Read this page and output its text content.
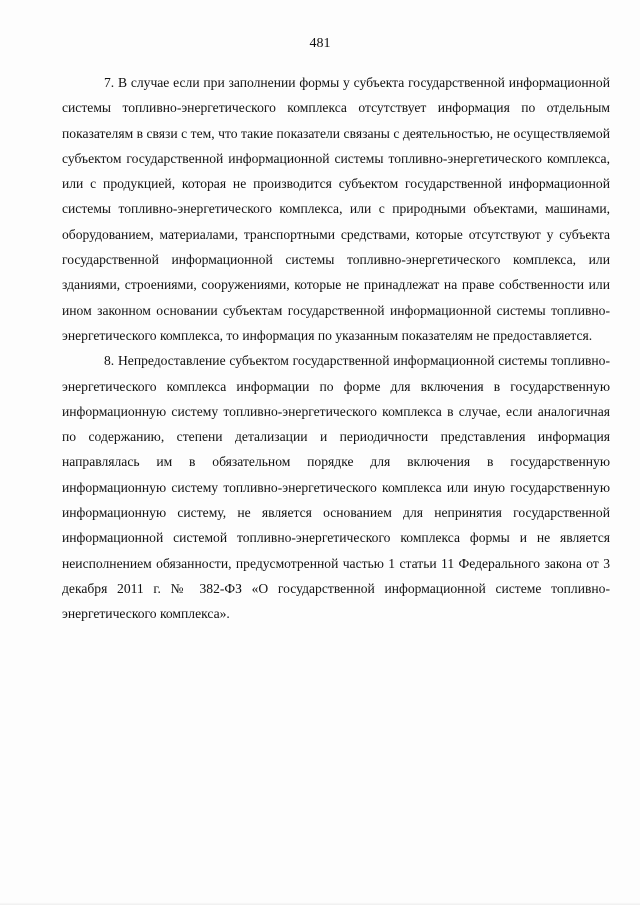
481

7. В случае если при заполнении формы у субъекта государственной информационной системы топливно-энергетического комплекса отсутствует информация по отдельным показателям в связи с тем, что такие показатели связаны с деятельностью, не осуществляемой субъектом государственной информационной системы топливно-энергетического комплекса, или с продукцией, которая не производится субъектом государственной информационной системы топливно-энергетического комплекса, или с природными объектами, машинами, оборудованием, материалами, транспортными средствами, которые отсутствуют у субъекта государственной информационной системы топливно-энергетического комплекса, или зданиями, строениями, сооружениями, которые не принадлежат на праве собственности или ином законном основании субъектам государственной информационной системы топливно-энергетического комплекса, то информация по указанным показателям не предоставляется.

8. Непредоставление субъектом государственной информационной системы топливно-энергетического комплекса информации по форме для включения в государственную информационную систему топливно-энергетического комплекса в случае, если аналогичная по содержанию, степени детализации и периодичности представления информация направлялась им в обязательном порядке для включения в государственную информационную систему топливно-энергетического комплекса или иную государственную информационную систему, не является основанием для непринятия государственной информационной системой топливно-энергетического комплекса формы и не является неисполнением обязанности, предусмотренной частью 1 статьи 11 Федерального закона от 3 декабря 2011 г. № 382-ФЗ «О государственной информационной системе топливно-энергетического комплекса».
